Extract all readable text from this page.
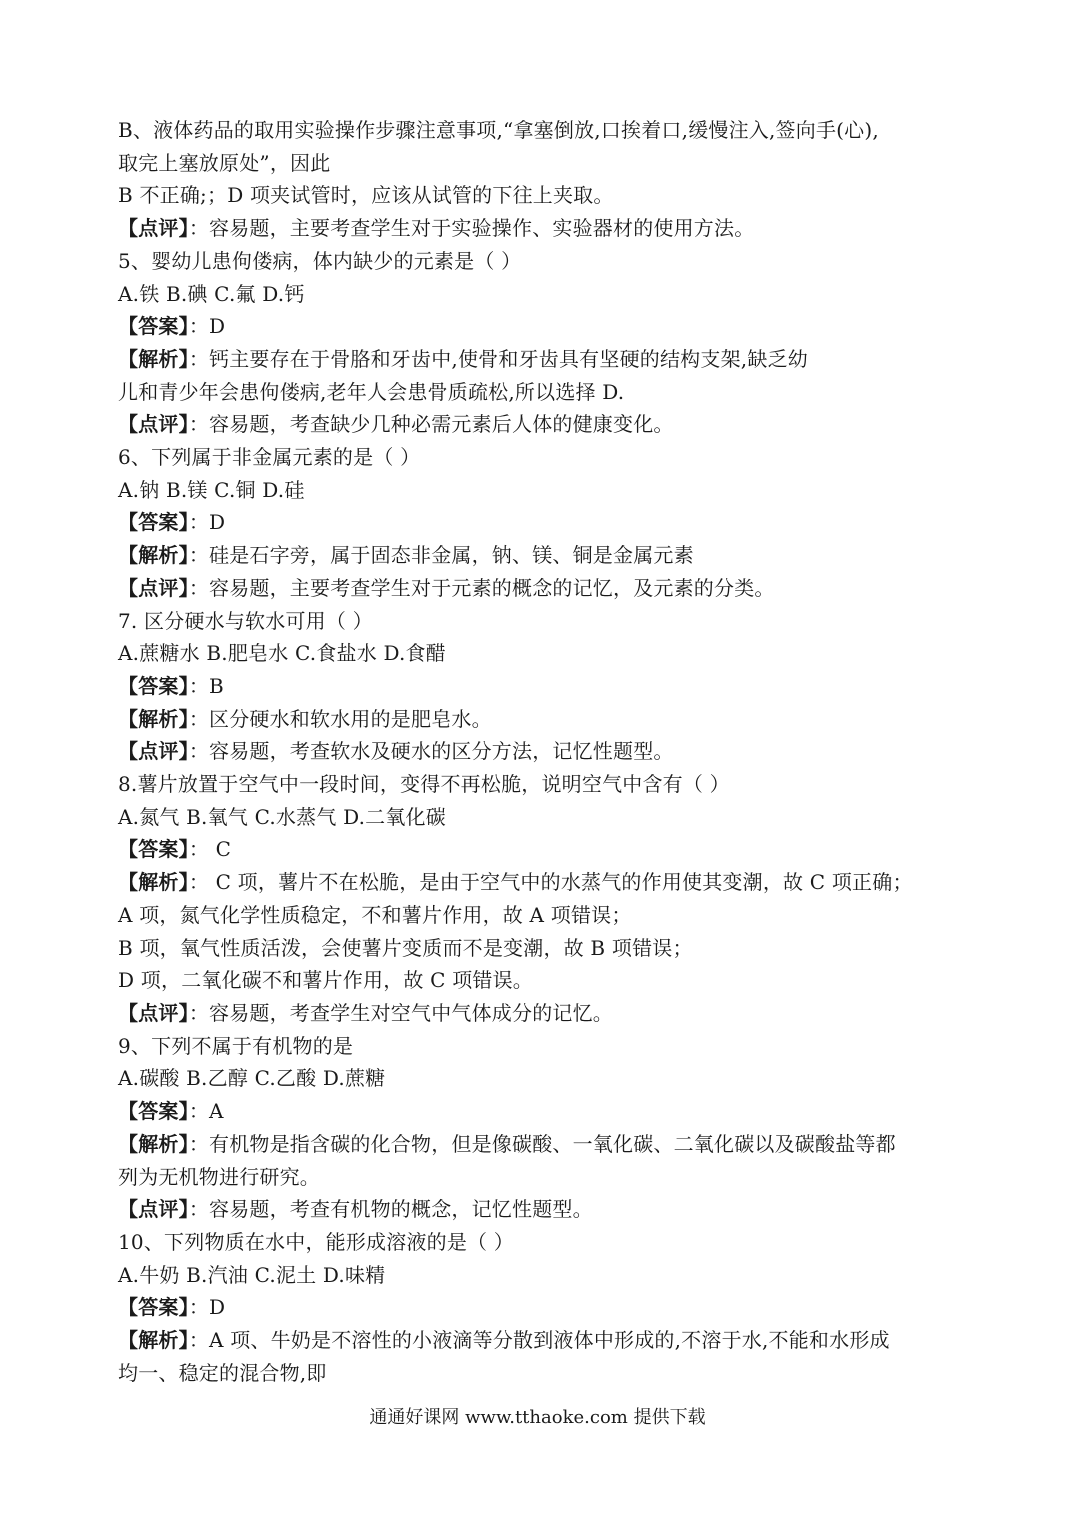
B、液体药品的取用实验操作步骤注意事项,“拿塞倒放,口挨着口,缓慢注入,签向手(心),
取完上塞放原处”，因此
B 不正确;；D 项夹试管时，应该从试管的下往上夹取。
【点评】：容易题，主要考查学生对于实验操作、实验器材的使用方法。
5、婴幼儿患佝偻病，体内缺少的元素是（ ）
A.铁 B.碘 C.氟 D.钙
【答案】：D
【解析】：钙主要存在于骨胳和牙齿中,使骨和牙齿具有坚硬的结构支架,缺乏幼
儿和青少年会患佝偻病,老年人会患骨质疏松,所以选择 D.
【点评】：容易题，考查缺少几种必需元素后人体的健康变化。
6、下列属于非金属元素的是（ ）
A.钠 B.镁 C.铜 D.硅
【答案】：D
【解析】：硅是石字旁，属于固态非金属，钠、镁、铜是金属元素
【点评】：容易题，主要考查学生对于元素的概念的记忆，及元素的分类。
7. 区分硬水与软水可用（ ）
A.蔗糖水 B.肥皂水 C.食盐水 D.食醋
【答案】：B
【解析】：区分硬水和软水用的是肥皂水。
【点评】：容易题，考查软水及硬水的区分方法，记忆性题型。
8.薯片放置于空气中一段时间，变得不再松脆，说明空气中含有（ ）
A.氮气 B.氧气 C.水蒸气 D.二氧化碳
【答案】： C
【解析】： C 项，薯片不在松脆，是由于空气中的水蒸气的作用使其变潮，故 C 项正确；
A 项，氮气化学性质稳定，不和薯片作用，故 A 项错误；
B 项，氧气性质活泼，会使薯片变质而不是变潮，故 B 项错误；
D 项，二氧化碳不和薯片作用，故 C 项错误。
【点评】：容易题，考查学生对空气中气体成分的记忆。
9、下列不属于有机物的是
A.碳酸 B.乙醇 C.乙酸 D.蔗糖
【答案】：A
【解析】：有机物是指含碳的化合物，但是像碳酸、一氧化碳、二氧化碳以及碳酸盐等都
列为无机物进行研究。
【点评】：容易题，考查有机物的概念，记忆性题型。
10、下列物质在水中，能形成溶液的是（ ）
A.牛奶 B.汽油 C.泥土 D.味精
【答案】：D
【解析】：A 项、牛奶是不溶性的小液滴等分散到液体中形成的,不溶于水,不能和水形成
均一、稳定的混合物,即
通通好课网 www.tthaoke.com 提供下载
